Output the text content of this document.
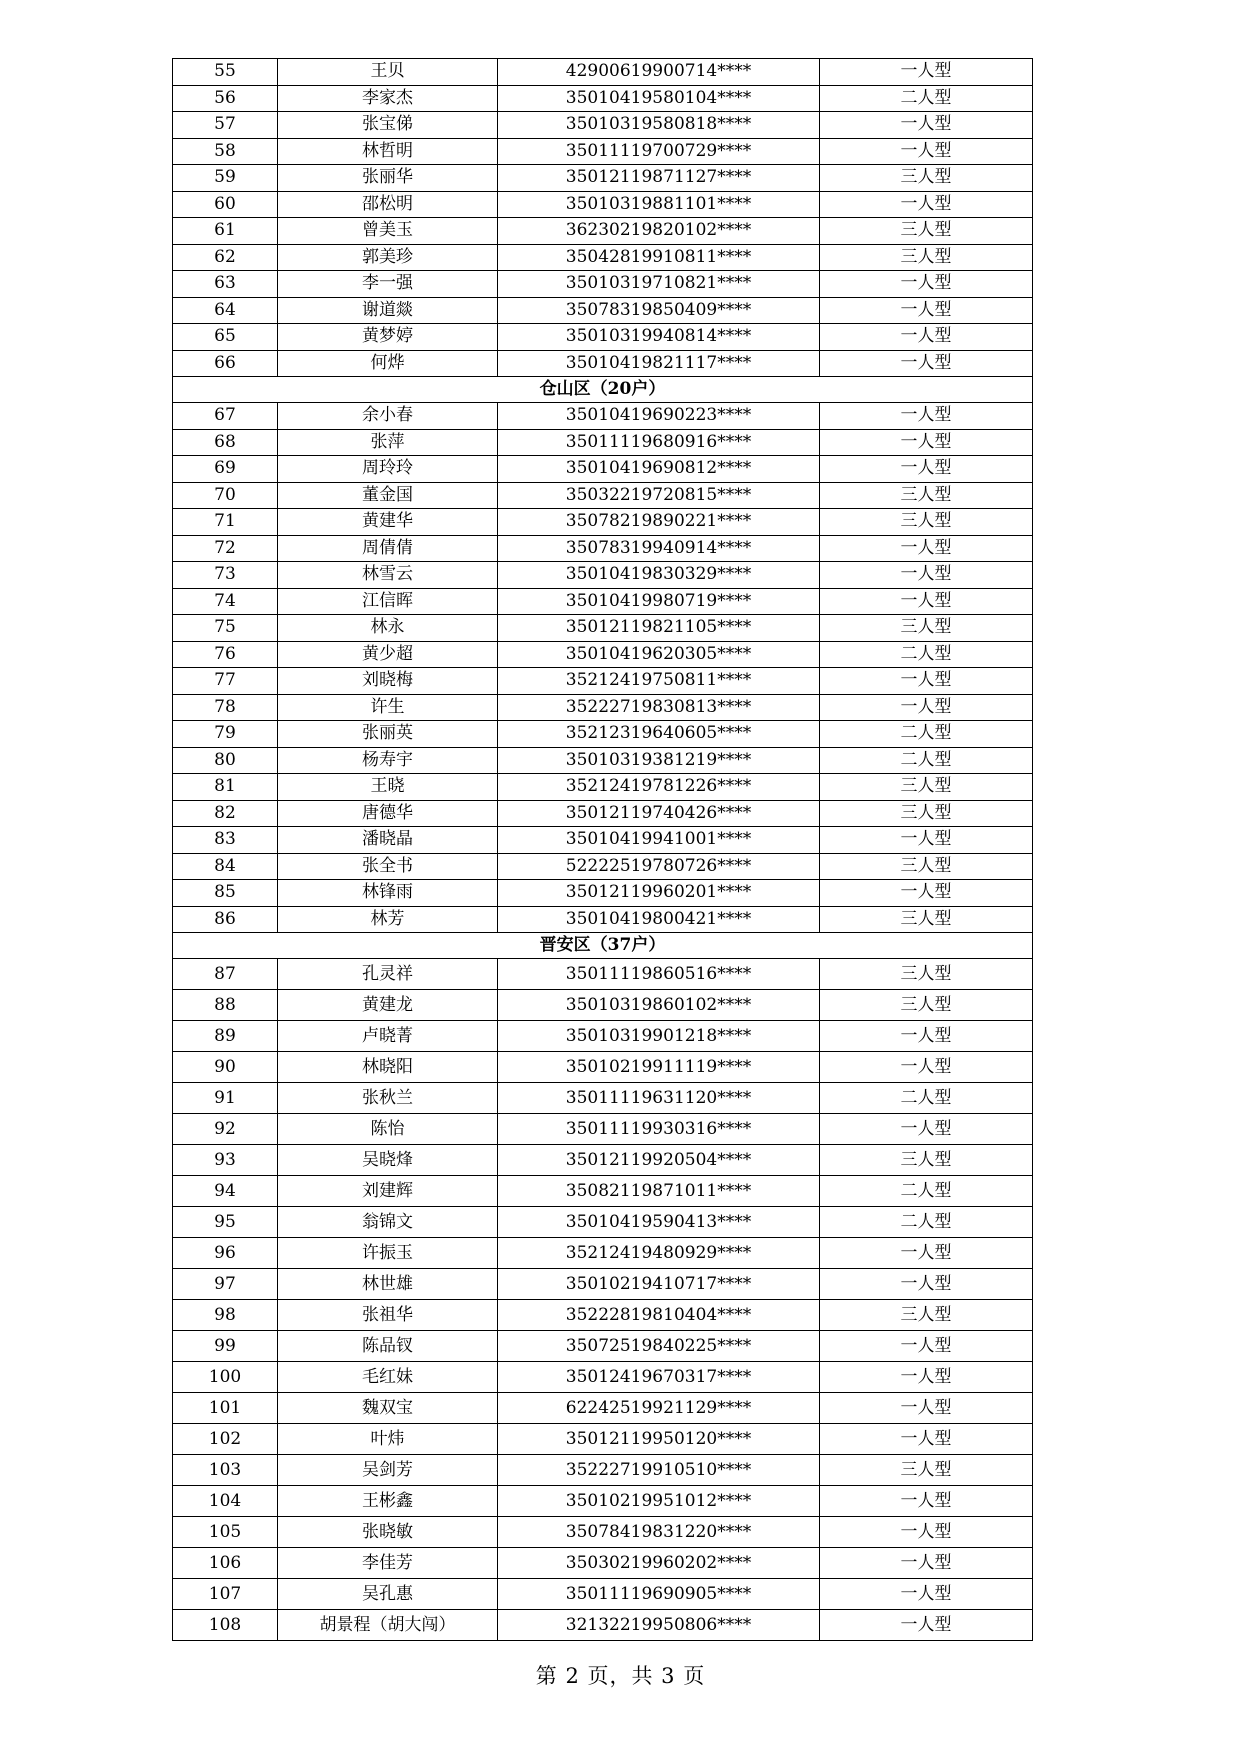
55	王贝	42900619900714****	一人型
56	李家杰	35010419580104****	二人型
57	张宝俤	35010319580818****	一人型
58	林哲明	35011119700729****	一人型
59	张丽华	35012119871127****	三人型
60	邵松明	35010319881101****	一人型
61	曾美玉	36230219820102****	三人型
62	郭美珍	35042819910811****	三人型
63	李一强	35010319710821****	一人型
64	谢道燚	35078319850409****	一人型
65	黄梦婷	35010319940814****	一人型
66	何烨	35010419821117****	一人型
仓山区（20户）			
67	余小春	35010419690223****	一人型
68	张萍	35011119680916****	一人型
69	周玲玲	35010419690812****	一人型
70	董金国	35032219720815****	三人型
71	黄建华	35078219890221****	三人型
72	周倩倩	35078319940914****	一人型
73	林雪云	35010419830329****	一人型
74	江信晖	35010419980719****	一人型
75	林永	35012119821105****	三人型
76	黄少超	35010419620305****	二人型
77	刘晓梅	35212419750811****	一人型
78	许生	35222719830813****	一人型
79	张丽英	35212319640605****	二人型
80	杨寿宇	35010319381219****	二人型
81	王晓	35212419781226****	三人型
82	唐德华	35012119740426****	三人型
83	潘晓晶	35010419941001****	一人型
84	张全书	52222519780726****	三人型
85	林锋雨	35012119960201****	一人型
86	林芳	35010419800421****	三人型
晋安区（37户）			
87	孔灵祥	35011119860516****	三人型
88	黄建龙	35010319860102****	三人型
89	卢晓菁	35010319901218****	一人型
90	林晓阳	35010219911119****	一人型
91	张秋兰	35011119631120****	二人型
92	陈怡	35011119930316****	一人型
93	吴晓烽	35012119920504****	三人型
94	刘建辉	35082119871011****	二人型
95	翁锦文	35010419590413****	二人型
96	许振玉	35212419480929****	一人型
97	林世雄	35010219410717****	一人型
98	张祖华	35222819810404****	三人型
99	陈品钗	35072519840225****	一人型
100	毛红妹	35012419670317****	一人型
101	魏双宝	62242519921129****	一人型
102	叶炜	35012119950120****	一人型
103	吴剑芳	35222719910510****	三人型
104	王彬鑫	35010219951012****	一人型
105	张晓敏	35078419831220****	一人型
106	李佳芳	35030219960202****	一人型
107	吴孔惠	35011119690905****	一人型
108	胡景程（胡大闯）	32132219950806****	一人型
第 2 页，共 3 页
